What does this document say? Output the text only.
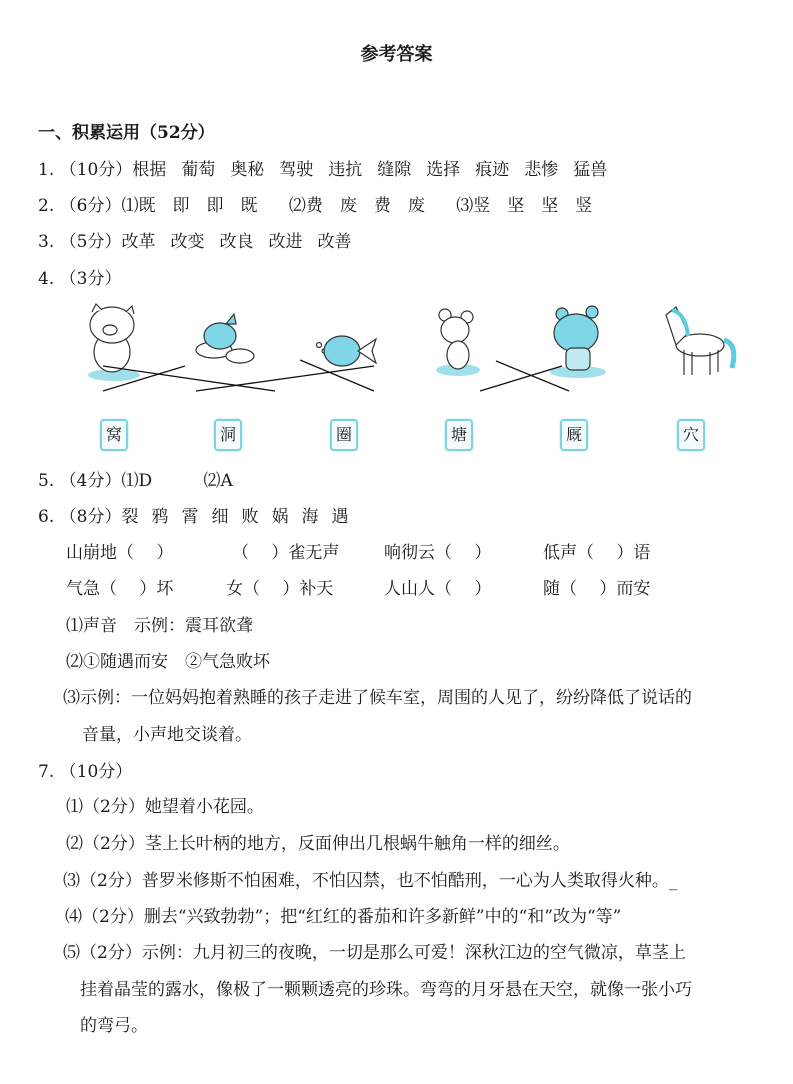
参考答案
一、积累运用（52分）
1. （10分）根据 葡萄 奥秘 驾驶 违抗 缝隙 选择 痕迹 悲惨 猛兽
2. （6分）⑴既　即　即　既 ⑵费　废　费　废 ⑶竖　坚　坚　竖
3. （5分）改革 改变 改良 改进 改善
4. （3分）
窝	洞	圈	塘	厩	穴
5. （4分）⑴D	⑵A
6. （8分）裂 鸦 霄 细 败 娲 海 遇
山崩地（　 ）	（　 ）雀无声	响彻云（　 ）	低声（　 ）语
气急（　 ）坏	女（　 ）补天	人山人（　 ）	随（　 ）而安
⑴声音　示例：震耳欲聋
⑵①随遇而安　②气急败坏
⑶示例：一位妈妈抱着熟睡的孩子走进了候车室，周围的人见了，纷纷降低了说话的
音量，小声地交谈着。
7. （10分）
⑴（2分）她望着小花园。
⑵（2分）茎上长叶柄的地方，反面伸出几根蜗牛触角一样的细丝。
⑶（2分）普罗米修斯不怕困难，不怕囚禁，也不怕酷刑，一心为人类取得火种。_
⑷（2分）删去“兴致勃勃”；把“红红的番茄和许多新鲜”中的“和”改为“等”
⑸（2分）示例：九月初三的夜晚，一切是那么可爱！深秋江边的空气微凉，草茎上
挂着晶莹的露水，像极了一颗颗透亮的珍珠。弯弯的月牙悬在天空，就像一张小巧
的弯弓。
